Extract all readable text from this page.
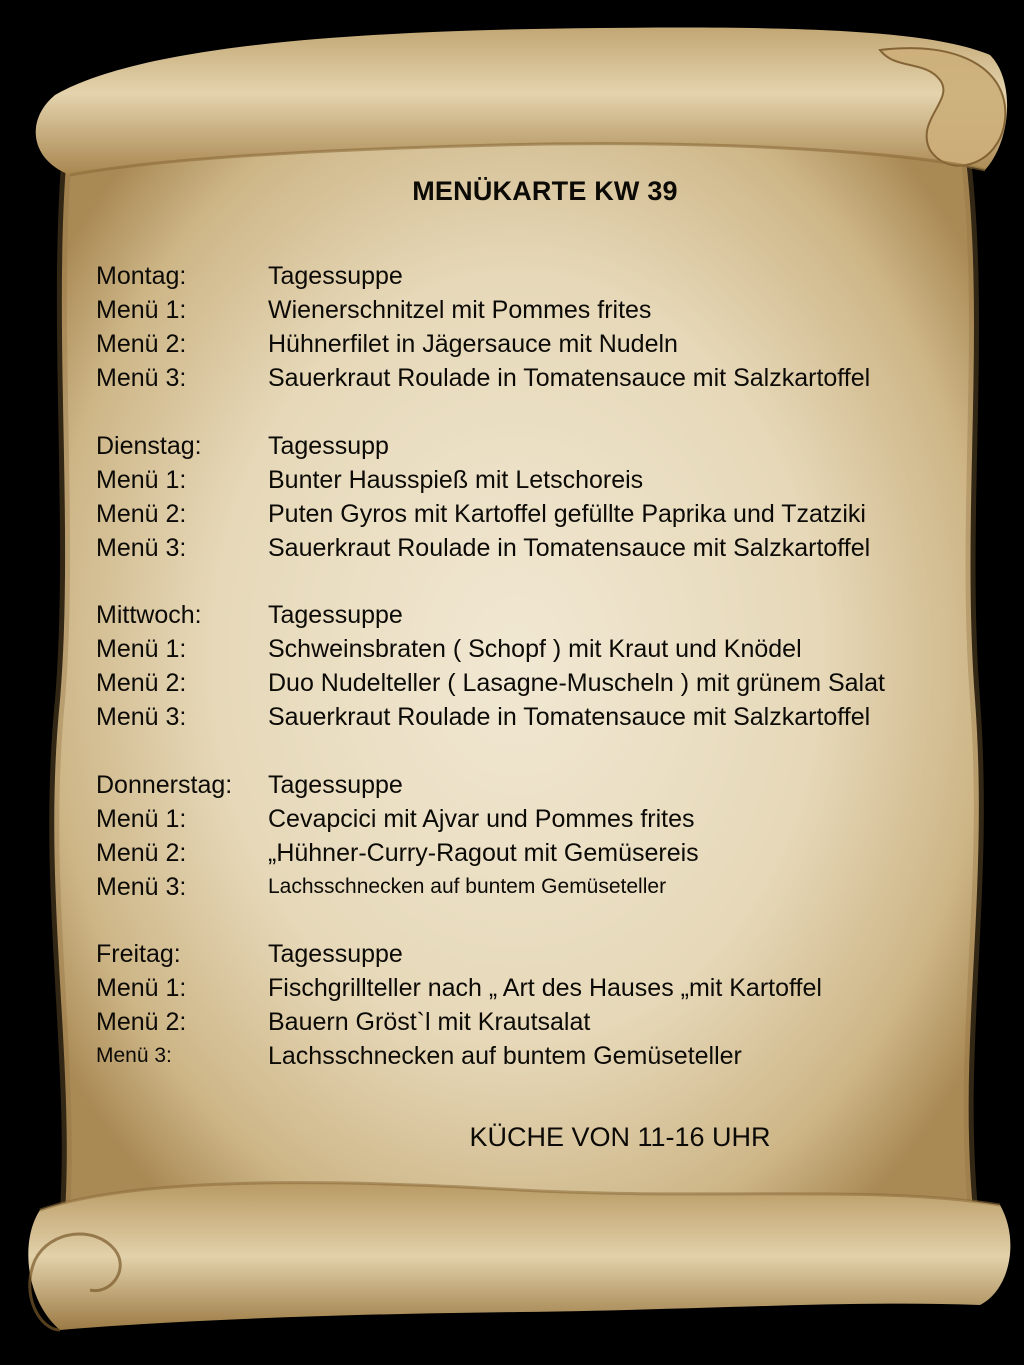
MENÜKARTE KW 39
Montag:	Tagessuppe
Menü 1:	Wienerschnitzel mit Pommes frites
Menü 2:	Hühnerfilet in Jägersauce mit Nudeln
Menü 3:	Sauerkraut Roulade in Tomatensauce mit Salzkartoffel
Dienstag:	Tagessupp
Menü 1:	Bunter Hausspieß mit Letschoreis
Menü 2:	Puten Gyros mit Kartoffel gefüllte Paprika und Tzatziki
Menü 3:	Sauerkraut Roulade in Tomatensauce mit Salzkartoffel
Mittwoch:	Tagessuppe
Menü 1:	Schweinsbraten ( Schopf ) mit Kraut und Knödel
Menü 2:	Duo Nudelteller ( Lasagne-Muscheln ) mit grünem Salat
Menü 3:	Sauerkraut Roulade in Tomatensauce mit Salzkartoffel
Donnerstag:	Tagessuppe
Menü 1:	Cevapcici mit Ajvar und Pommes frites
Menü 2:	„Hühner-Curry-Ragout mit Gemüsereis
Menü 3:	Lachsschnecken auf buntem Gemüseteller
Freitag:	Tagessuppe
Menü 1:	Fischgrillteller nach „ Art des Hauses „mit Kartoffel
Menü 2:	Bauern Gröst`l mit Krautsalat
Menü 3:	Lachsschnecken auf buntem Gemüseteller

KÜCHE VON 11-16 UHR
